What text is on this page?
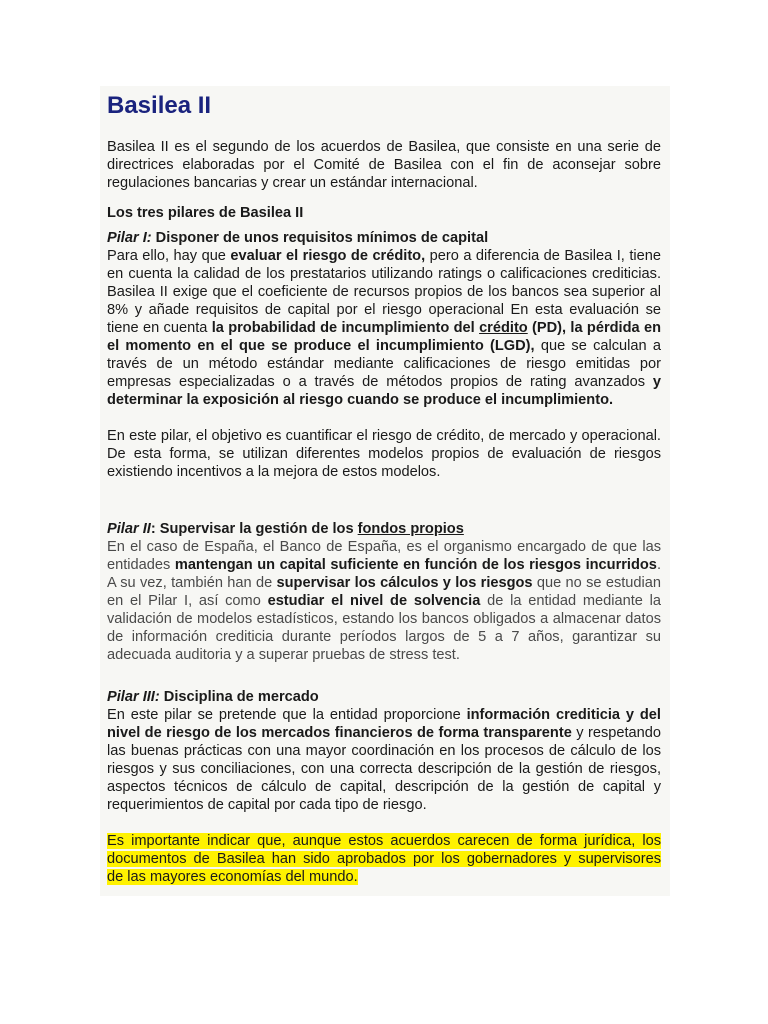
Basilea II

Basilea II es el segundo de los acuerdos de Basilea, que consiste en una serie de

directrices elaboradas por el Comité de Basilea con el fin de aconsejar sobre

regulaciones bancarias y crear un estándar internacional.

Los tres pilares de Basilea II

Pilar I: Disponer de unos requisitos mínimos de capital

Para ello, hay que evaluar el riesgo de crédito, pero a diferencia de Basilea I, tiene en cuenta la calidad de los prestatarios utilizando ratings o calificaciones crediticias. Basilea II exige que el coeficiente de recursos propios de los bancos sea superior al 8% y añade requisitos de capital por el riesgo operacional En esta evaluación se tiene en cuenta la probabilidad de incumplimiento del crédito (PD), la pérdida en el momento en el que se produce el incumplimiento (LGD), que se calculan a través de un método estándar mediante calificaciones de riesgo emitidas por empresas especializadas o a través de métodos propios de rating avanzados y determinar la exposición al riesgo cuando se produce el incumplimiento.

En este pilar, el objetivo es cuantificar el riesgo de crédito, de mercado y operacional. De esta forma, se utilizan diferentes modelos propios de evaluación de riesgos existiendo incentivos a la mejora de estos modelos.

Pilar II: Supervisar la gestión de los fondos propios

En el caso de España, el Banco de España, es el organismo encargado de que las entidades mantengan un capital suficiente en función de los riesgos incurridos. A su vez, también han de supervisar los cálculos y los riesgos que no se estudian en el Pilar I, así como estudiar el nivel de solvencia de la entidad mediante la validación de modelos estadísticos, estando los bancos obligados a almacenar datos de información crediticia durante períodos largos de 5 a 7 años, garantizar su adecuada auditoria y a superar pruebas de stress test.

Pilar III: Disciplina de mercado

En este pilar se pretende que la entidad proporcione información crediticia y del nivel de riesgo de los mercados financieros de forma transparente y respetando las buenas prácticas con una mayor coordinación en los procesos de cálculo de los riesgos y sus conciliaciones, con una correcta descripción de la gestión de riesgos, aspectos técnicos de cálculo de capital, descripción de la gestión de capital y requerimientos de capital por cada tipo de riesgo.

Es importante indicar que, aunque estos acuerdos carecen de forma jurídica, los

documentos de Basilea han sido aprobados por los gobernadores y supervisores

de las mayores economías del mundo.
